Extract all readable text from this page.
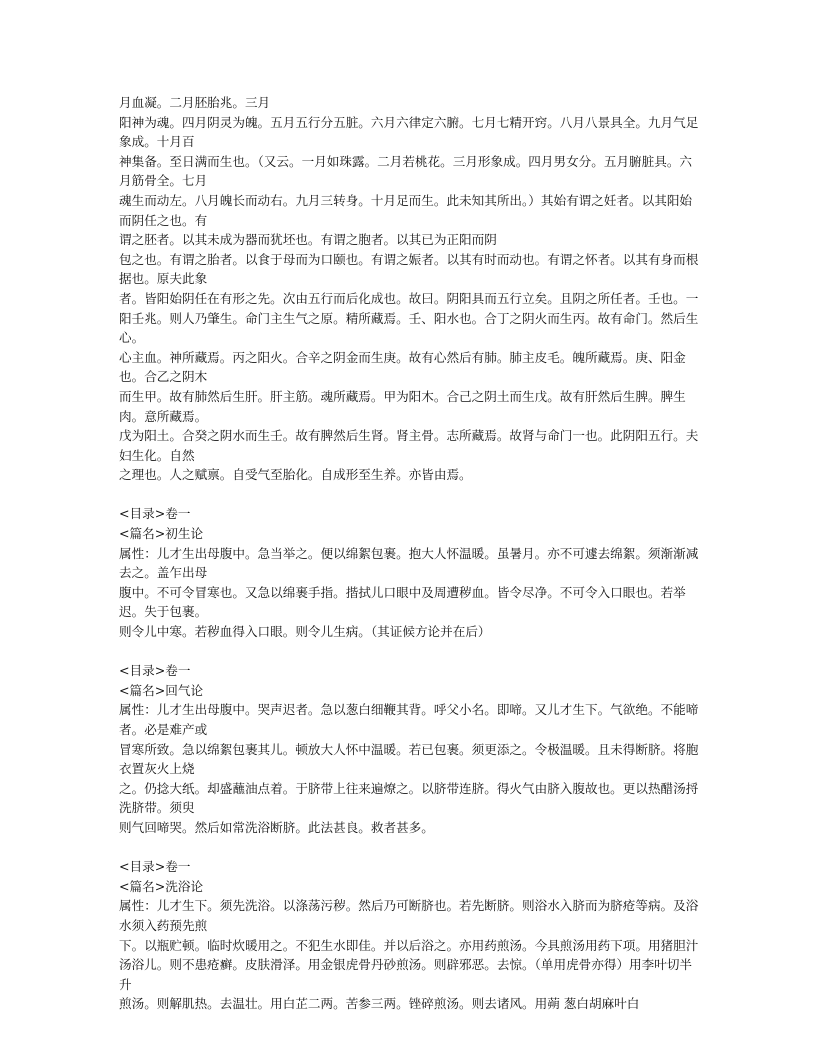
月血凝。二月胚胎兆。三月

阳神为魂。四月阴灵为魄。五月五行分五脏。六月六律定六腑。七月七精开窍。八月八景具全。九月气足象成。十月百

神集备。至日满而生也。（又云。一月如珠露。二月若桃花。三月形象成。四月男女分。五月腑脏具。六月筋骨全。七月

魂生而动左。八月魄长而动右。九月三转身。十月足而生。此未知其所出。）其始有谓之妊者。以其阳始而阴任之也。有

谓之胚者。以其未成为器而犹坯也。有谓之胞者。以其已为正阳而阴

包之也。有谓之胎者。以食于母而为口颐也。有谓之娠者。以其有时而动也。有谓之怀者。以其有身而根据也。原夫此象

者。皆阳始阴任在有形之先。次由五行而后化成也。故曰。阴阳具而五行立矣。且阴之所任者。壬也。一阳壬兆。则人乃肇生。命门主生气之原。精所藏焉。壬、阳水也。合丁之阴火而生丙。故有命门。然后生心。

心主血。神所藏焉。丙之阳火。合辛之阴金而生庚。故有心然后有肺。肺主皮毛。魄所藏焉。庚、阳金也。合乙之阴木

而生甲。故有肺然后生肝。肝主筋。魂所藏焉。甲为阳木。合己之阴土而生戊。故有肝然后生脾。脾生肉。意所藏焉。

戊为阳土。合癸之阴水而生壬。故有脾然后生肾。肾主骨。志所藏焉。故肾与命门一也。此阴阳五行。夫妇生化。自然

之理也。人之赋禀。自受气至胎化。自成形至生养。亦皆由焉。

<目录>卷一

<篇名>初生论

属性：儿才生出母腹中。急当举之。便以绵絮包裹。抱大人怀温暖。虽暑月。亦不可遽去绵絮。须渐渐减去之。盖乍出母

腹中。不可令冒寒也。又急以绵裹手指。揩拭儿口眼中及周遭秽血。皆令尽净。不可令入口眼也。若举迟。失于包裹。

则令儿中寒。若秽血得入口眼。则令儿生病。（其证候方论并在后）

<目录>卷一

<篇名>回气论

属性：儿才生出母腹中。哭声迟者。急以葱白细鞭其背。呼父小名。即啼。又儿才生下。气欲绝。不能啼者。必是难产或

冒寒所致。急以绵絮包裹其儿。顿放大人怀中温暖。若已包裹。须更添之。令极温暖。且未得断脐。将胞衣置灰火上烧

之。仍捻大纸。却盛蘸油点着。于脐带上往来遍燎之。以脐带连脐。得火气由脐入腹故也。更以热醋汤捋洗脐带。须臾

则气回啼哭。然后如常洗浴断脐。此法甚良。救者甚多。

<目录>卷一

<篇名>洗浴论

属性：儿才生下。须先洗浴。以涤荡污秽。然后乃可断脐也。若先断脐。则浴水入脐而为脐疮等病。及浴水须入药预先煎

下。以瓶贮顿。临时炊暖用之。不犯生水即佳。并以后浴之。亦用药煎汤。今具煎汤用药下项。用猪胆汁汤浴儿。则不患疮癣。皮肤滑泽。用金银虎骨丹砂煎汤。则辟邪恶。去惊。（单用虎骨亦得）用李叶切半升

煎汤。则解肌热。去温壮。用白芷二两。苦参三两。锉碎煎汤。则去诸风。用蒴 葱白胡麻叶白
